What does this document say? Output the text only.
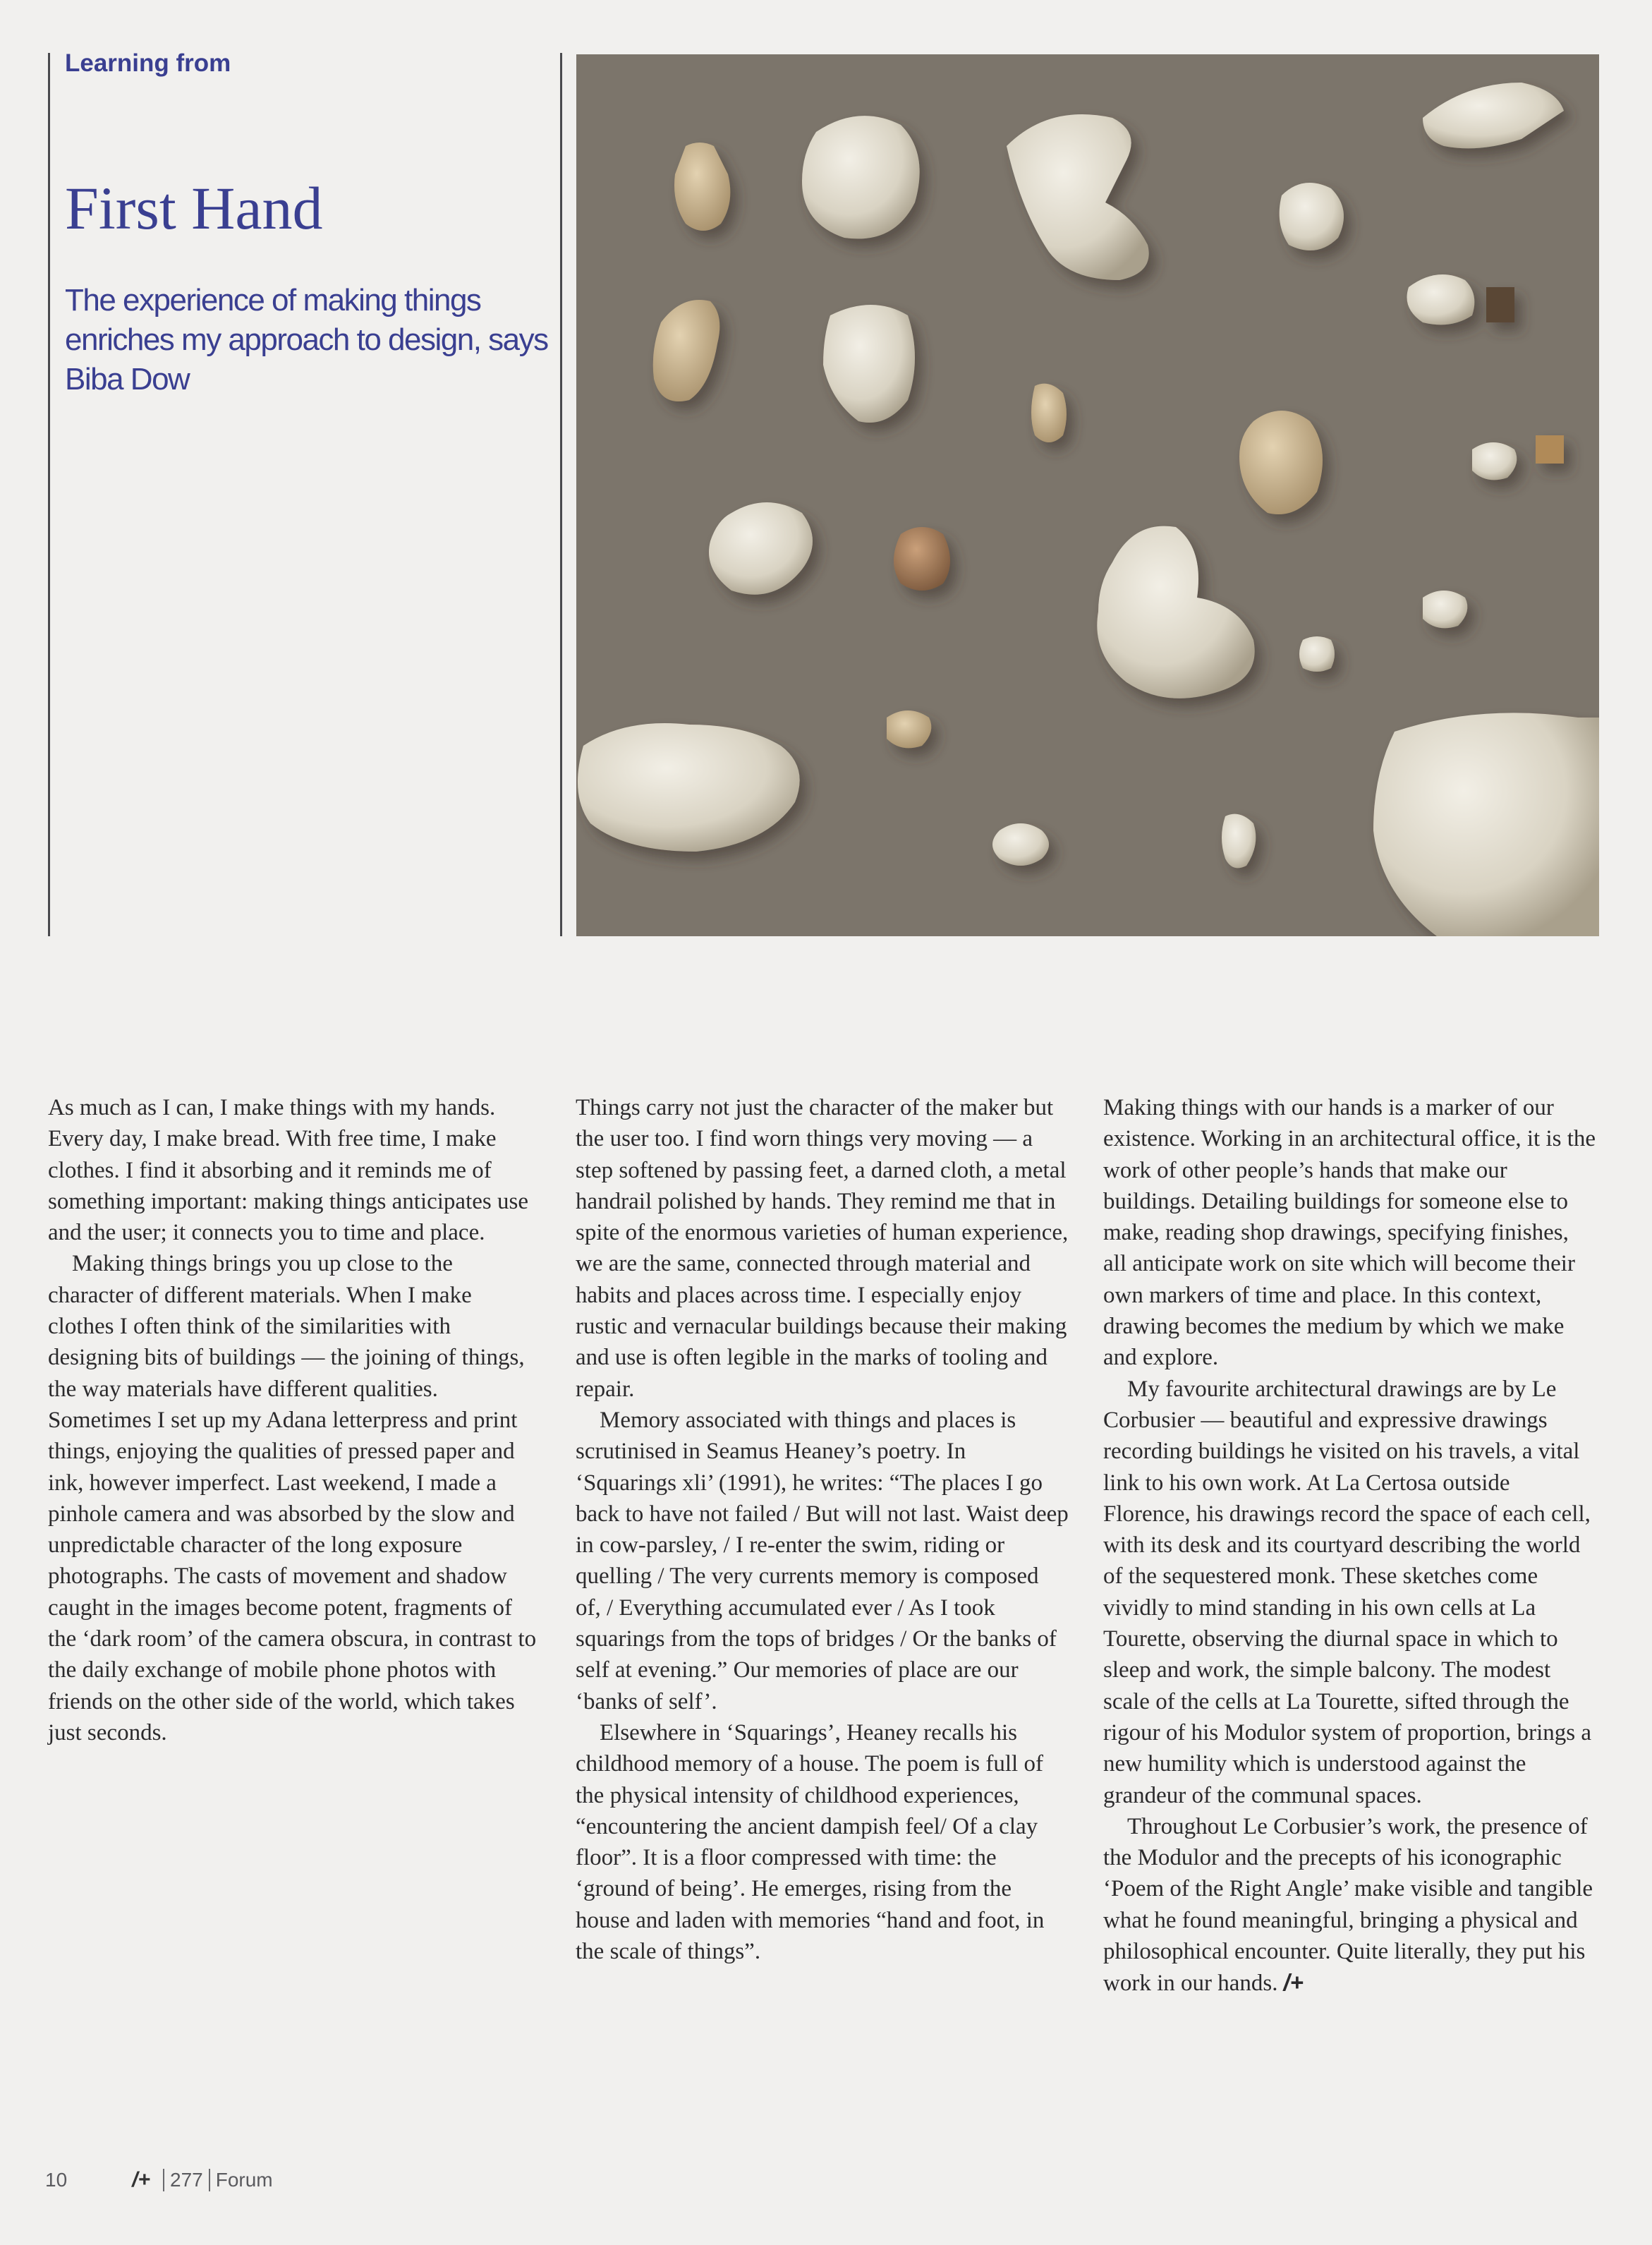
Learning from
First Hand

The experience of making things enriches my approach to design, says Biba Dow

As much as I can, I make things with my hands. Every day, I make bread. With free time, I make clothes. I find it absorbing and it reminds me of something important: making things anticipates use and the user; it connects you to time and place.

Making things brings you up close to the character of different materials. When I make clothes I often think of the similarities with designing bits of buildings — the joining of things, the way materials have different qualities. Sometimes I set up my Adana letterpress and print things, enjoying the qualities of pressed paper and ink, however imperfect. Last weekend, I made a pinhole camera and was absorbed by the slow and unpredictable character of the long exposure photographs. The casts of movement and shadow caught in the images become potent, fragments of the ‘dark room’ of the camera obscura, in contrast to the daily exchange of mobile phone photos with friends on the other side of the world, which takes just seconds.

Things carry not just the character of the maker but the user too. I find worn things very moving — a step softened by passing feet, a darned cloth, a metal handrail polished by hands. They remind me that in spite of the enormous varieties of human experience, we are the same, connected through material and habits and places across time. I especially enjoy rustic and vernacular buildings because their making and use is often legible in the marks of tooling and repair.

Memory associated with things and places is scrutinised in Seamus Heaney’s poetry. In ‘Squarings xli’ (1991), he writes: “The places I go back to have not failed / But will not last. Waist deep in cow-parsley, / I re-enter the swim, riding or quelling / The very currents memory is composed of, / Everything accumulated ever / As I took squarings from the tops of bridges / Or the banks of self at evening.” Our memories of place are our ‘banks of self’.

Elsewhere in ‘Squarings’, Heaney recalls his childhood memory of a house. The poem is full of the physical intensity of childhood experiences, “encountering the ancient dampish feel/ Of a clay floor”. It is a floor compressed with time: the ‘ground of being’. He emerges, rising from the house and laden with memories “hand and foot, in the scale of things”.

Making things with our hands is a marker of our existence. Working in an architectural office, it is the work of other people’s hands that make our buildings. Detailing buildings for someone else to make, reading shop drawings, specifying finishes, all anticipate work on site which will become their own markers of time and place. In this context, drawing becomes the medium by which we make and explore.

My favourite architectural drawings are by Le Corbusier — beautiful and expressive drawings recording buildings he visited on his travels, a vital link to his own work. At La Certosa outside Florence, his drawings record the space of each cell, with its desk and its courtyard describing the world of the sequestered monk. These sketches come vividly to mind standing in his own cells at La Tourette, observing the diurnal space in which to sleep and work, the simple balcony. The modest scale of the cells at La Tourette, sifted through the rigour of his Modulor system of proportion, brings a new humility which is understood against the grandeur of the communal spaces.

Throughout Le Corbusier’s work, the presence of the Modulor and the precepts of his iconographic ‘Poem of the Right Angle’ make visible and tangible what he found meaningful, bringing a physical and philosophical encounter. Quite literally, they put his work in our hands. /+

10	/+ 277 Forum
